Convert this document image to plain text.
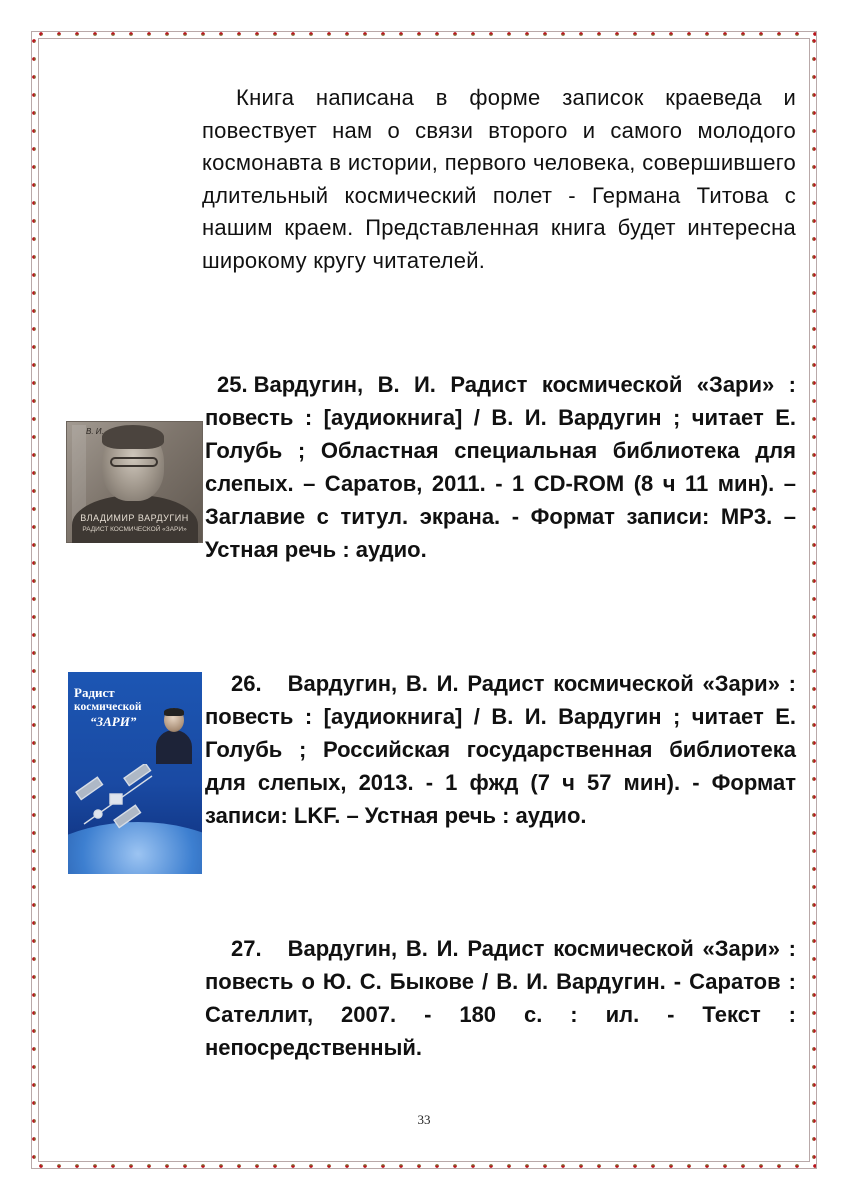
Книга написана в форме записок краеведа и повествует нам о связи второго и самого молодого космонавта в истории, первого человека, совершившего длительный космический полет - Германа Титова с нашим краем. Представленная книга будет интересна широкому кругу читателей.
В. И.
ВЛАДИМИР ВАРДУГИН
РАДИСТ КОСМИЧЕСКОЙ «ЗАРИ»
25. Вардугин, В. И. Радист космической «Зари» : повесть : [аудиокнига] / В. И. Вардугин ; читает Е. Голубь ; Областная специальная библиотека для слепых. – Саратов, 2011. - 1 CD-ROM (8 ч 11 мин). –Заглавие с титул. экрана. - Формат записи: MP3. – Устная речь : аудио.
Радист
космической
“ЗАРИ”
26. Вардугин, В. И. Радист космической «Зари» : повесть : [аудиокнига] / В. И. Вардугин ; читает Е. Голубь ; Российская государственная библиотека для слепых, 2013. - 1 фжд (7 ч 57 мин). - Формат записи: LKF. – Устная речь : аудио.
27. Вардугин, В. И. Радист космической «Зари» : повесть о Ю. С. Быкове / В. И. Вардугин. - Саратов : Сателлит, 2007. - 180 с. : ил. - Текст : непосредственный.
33
